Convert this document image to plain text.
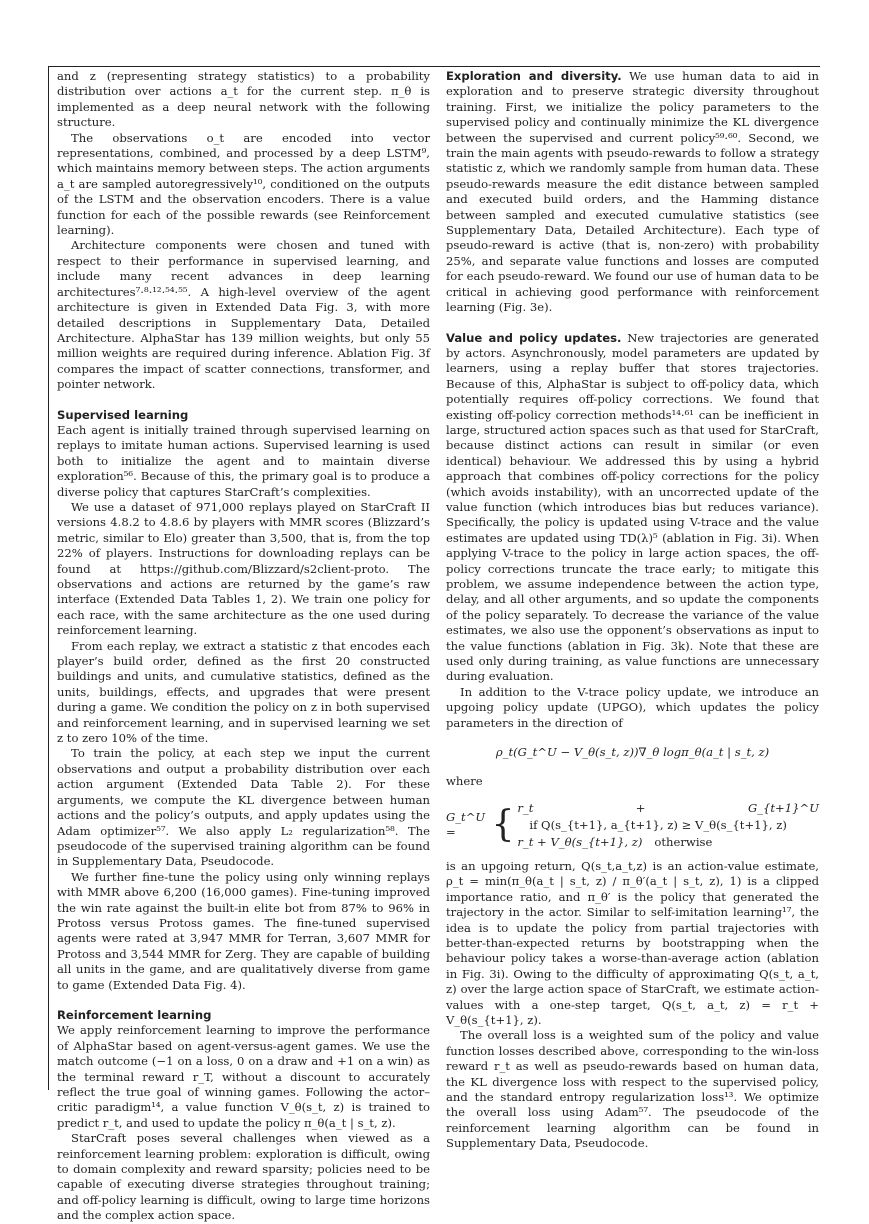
and z (representing strategy statistics) to a probability distribution over actions a_t for the current step. π_θ is implemented as a deep neural network with the following structure.

The observations o_t are encoded into vector representations, combined, and processed by a deep LSTM⁹, which maintains memory between steps. The action arguments a_t are sampled autoregressively¹⁰, conditioned on the outputs of the LSTM and the observation encoders. There is a value function for each of the possible rewards (see Reinforcement learning).

Architecture components were chosen and tuned with respect to their performance in supervised learning, and include many recent advances in deep learning architectures⁷·⁸·¹²·⁵⁴·⁵⁵. A high-level overview of the agent architecture is given in Extended Data Fig. 3, with more detailed descriptions in Supplementary Data, Detailed Architecture. AlphaStar has 139 million weights, but only 55 million weights are required during inference. Ablation Fig. 3f compares the impact of scatter connections, transformer, and pointer network.

Supervised learning

Each agent is initially trained through supervised learning on replays to imitate human actions. Supervised learning is used both to initialize the agent and to maintain diverse exploration⁵⁶. Because of this, the primary goal is to produce a diverse policy that captures StarCraft’s complexities.

We use a dataset of 971,000 replays played on StarCraft II versions 4.8.2 to 4.8.6 by players with MMR scores (Blizzard’s metric, similar to Elo) greater than 3,500, that is, from the top 22% of players. Instructions for downloading replays can be found at https://github.com/Blizzard/s2client-proto. The observations and actions are returned by the game’s raw interface (Extended Data Tables 1, 2). We train one policy for each race, with the same architecture as the one used during reinforcement learning.

From each replay, we extract a statistic z that encodes each player’s build order, defined as the first 20 constructed buildings and units, and cumulative statistics, defined as the units, buildings, effects, and upgrades that were present during a game. We condition the policy on z in both supervised and reinforcement learning, and in supervised learning we set z to zero 10% of the time.

To train the policy, at each step we input the current observations and output a probability distribution over each action argument (Extended Data Table 2). For these arguments, we compute the KL divergence between human actions and the policy’s outputs, and apply updates using the Adam optimizer⁵⁷. We also apply L₂ regularization⁵⁸. The pseudocode of the supervised training algorithm can be found in Supplementary Data, Pseudocode.

We further fine-tune the policy using only winning replays with MMR above 6,200 (16,000 games). Fine-tuning improved the win rate against the built-in elite bot from 87% to 96% in Protoss versus Protoss games. The fine-tuned supervised agents were rated at 3,947 MMR for Terran, 3,607 MMR for Protoss and 3,544 MMR for Zerg. They are capable of building all units in the game, and are qualitatively diverse from game to game (Extended Data Fig. 4).

Reinforcement learning

We apply reinforcement learning to improve the performance of AlphaStar based on agent-versus-agent games. We use the match outcome (−1 on a loss, 0 on a draw and +1 on a win) as the terminal reward r_T, without a discount to accurately reflect the true goal of winning games. Following the actor–critic paradigm¹⁴, a value function V_θ(s_t, z) is trained to predict r_t, and used to update the policy π_θ(a_t | s_t, z).

StarCraft poses several challenges when viewed as a reinforcement learning problem: exploration is difficult, owing to domain complexity and reward sparsity; policies need to be capable of executing diverse strategies throughout training; and off-policy learning is difficult, owing to large time horizons and the complex action space.

Exploration and diversity. We use human data to aid in exploration and to preserve strategic diversity throughout training. First, we initialize the policy parameters to the supervised policy and continually minimize the KL divergence between the supervised and current policy⁵⁹·⁶⁰. Second, we train the main agents with pseudo-rewards to follow a strategy statistic z, which we randomly sample from human data. These pseudo-rewards measure the edit distance between sampled and executed build orders, and the Hamming distance between sampled and executed cumulative statistics (see Supplementary Data, Detailed Architecture). Each type of pseudo-reward is active (that is, non-zero) with probability 25%, and separate value functions and losses are computed for each pseudo-reward. We found our use of human data to be critical in achieving good performance with reinforcement learning (Fig. 3e).

Value and policy updates. New trajectories are generated by actors. Asynchronously, model parameters are updated by learners, using a replay buffer that stores trajectories. Because of this, AlphaStar is subject to off-policy data, which potentially requires off-policy corrections. We found that existing off-policy correction methods¹⁴·⁶¹ can be inefficient in large, structured action spaces such as that used for StarCraft, because distinct actions can result in similar (or even identical) behaviour. We addressed this by using a hybrid approach that combines off-policy corrections for the policy (which avoids instability), with an uncorrected update of the value function (which introduces bias but reduces variance). Specifically, the policy is updated using V-trace and the value estimates are updated using TD(λ)⁵ (ablation in Fig. 3i). When applying V-trace to the policy in large action spaces, the off-policy corrections truncate the trace early; to mitigate this problem, we assume independence between the action type, delay, and all other arguments, and so update the components of the policy separately. To decrease the variance of the value estimates, we also use the opponent’s observations as input to the value functions (ablation in Fig. 3k). Note that these are used only during training, as value functions are unnecessary during evaluation.

In addition to the V-trace policy update, we introduce an upgoing policy update (UPGO), which updates the policy parameters in the direction of

ρ_t(G_t^U − V_θ(s_t, z))∇_θ logπ_θ(a_t | s_t, z)

where

G_t^U = { r_t + G_{t+1}^Uif Q(s_{t+1}, a_{t+1}, z) ≥ V_θ(s_{t+1}, z)
r_t + V_θ(s_{t+1}, z) otherwise

is an upgoing return, Q(s_t,a_t,z) is an action-value estimate, ρ_t = min(π_θ(a_t | s_t, z) / π_θ′(a_t | s_t, z), 1) is a clipped importance ratio, and π_θ′ is the policy that generated the trajectory in the actor. Similar to self-imitation learning¹⁷, the idea is to update the policy from partial trajectories with better-than-expected returns by bootstrapping when the behaviour policy takes a worse-than-average action (ablation in Fig. 3i). Owing to the difficulty of approximating Q(s_t, a_t, z) over the large action space of StarCraft, we estimate action-values with a one-step target, Q(s_t, a_t, z) = r_t + V_θ(s_{t+1}, z).

The overall loss is a weighted sum of the policy and value function losses described above, corresponding to the win-loss reward r_t as well as pseudo-rewards based on human data, the KL divergence loss with respect to the supervised policy, and the standard entropy regularization loss¹³. We optimize the overall loss using Adam⁵⁷. The pseudocode of the reinforcement learning algorithm can be found in Supplementary Data, Pseudocode.
